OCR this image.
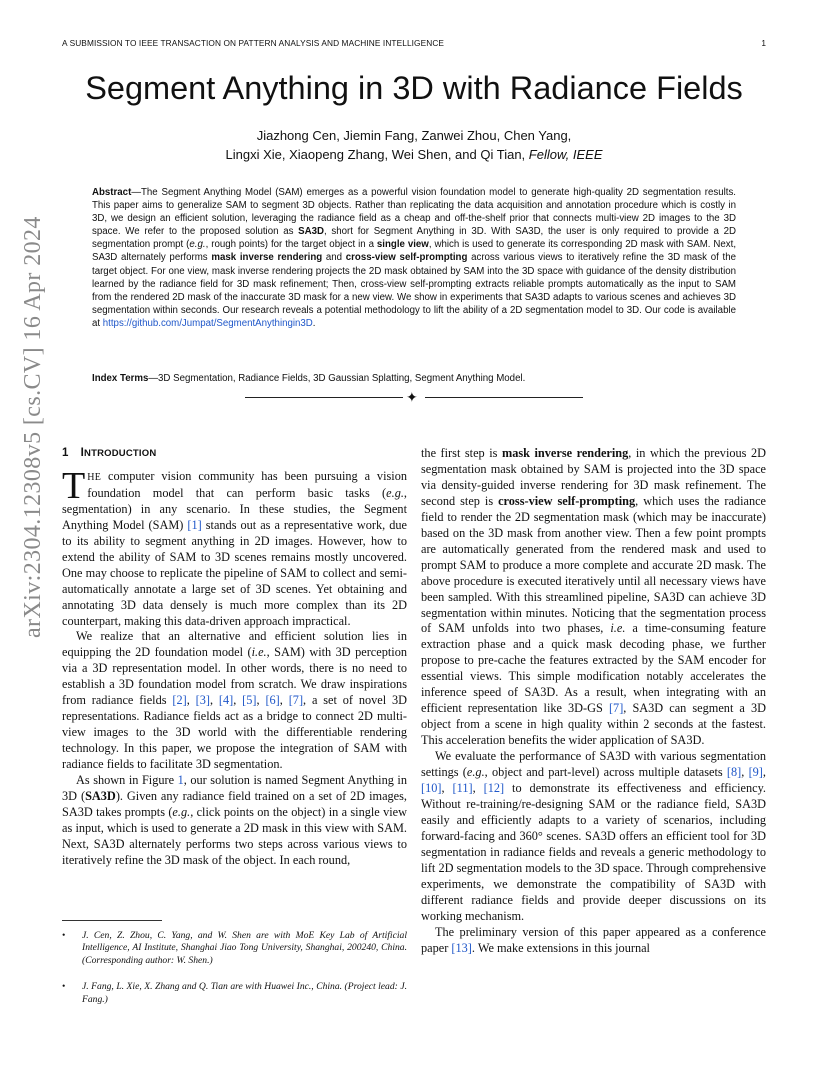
A SUBMISSION TO IEEE TRANSACTION ON PATTERN ANALYSIS AND MACHINE INTELLIGENCE	1
arXiv:2304.12308v5 [cs.CV] 16 Apr 2024
Segment Anything in 3D with Radiance Fields
Jiazhong Cen, Jiemin Fang, Zanwei Zhou, Chen Yang,
Lingxi Xie, Xiaopeng Zhang, Wei Shen, and Qi Tian, Fellow, IEEE
Abstract—The Segment Anything Model (SAM) emerges as a powerful vision foundation model to generate high-quality 2D segmentation results. This paper aims to generalize SAM to segment 3D objects. Rather than replicating the data acquisition and annotation procedure which is costly in 3D, we design an efficient solution, leveraging the radiance field as a cheap and off-the-shelf prior that connects multi-view 2D images to the 3D space. We refer to the proposed solution as SA3D, short for Segment Anything in 3D. With SA3D, the user is only required to provide a 2D segmentation prompt (e.g., rough points) for the target object in a single view, which is used to generate its corresponding 2D mask with SAM. Next, SA3D alternately performs mask inverse rendering and cross-view self-prompting across various views to iteratively refine the 3D mask of the target object. For one view, mask inverse rendering projects the 2D mask obtained by SAM into the 3D space with guidance of the density distribution learned by the radiance field for 3D mask refinement; Then, cross-view self-prompting extracts reliable prompts automatically as the input to SAM from the rendered 2D mask of the inaccurate 3D mask for a new view. We show in experiments that SA3D adapts to various scenes and achieves 3D segmentation within seconds. Our research reveals a potential methodology to lift the ability of a 2D segmentation model to 3D. Our code is available at https://github.com/Jumpat/SegmentAnythingin3D.
Index Terms—3D Segmentation, Radiance Fields, 3D Gaussian Splatting, Segment Anything Model.
✦
1 INTRODUCTION

THE computer vision community has been pursuing a vision foundation model that can perform basic tasks (e.g., segmentation) in any scenario. In these studies, the Segment Anything Model (SAM) [1] stands out as a representative work, due to its ability to segment anything in 2D images. However, how to extend the ability of SAM to 3D scenes remains mostly uncovered. One may choose to replicate the pipeline of SAM to collect and semi-automatically annotate a large set of 3D scenes. Yet obtaining and annotating 3D data densely is much more complex than its 2D counterpart, making this data-driven approach impractical.

We realize that an alternative and efficient solution lies in equipping the 2D foundation model (i.e., SAM) with 3D perception via a 3D representation model. In other words, there is no need to establish a 3D foundation model from scratch. We draw inspirations from radiance fields [2], [3], [4], [5], [6], [7], a set of novel 3D representations. Radiance fields act as a bridge to connect 2D multi-view images to the 3D world with the differentiable rendering technology. In this paper, we propose the integration of SAM with radiance fields to facilitate 3D segmentation.

As shown in Figure 1, our solution is named Segment Anything in 3D (SA3D). Given any radiance field trained on a set of 2D images, SA3D takes prompts (e.g., click points on the object) in a single view as input, which is used to generate a 2D mask in this view with SAM. Next, SA3D alternately performs two steps across various views to iteratively refine the 3D mask of the object. In each round,

• J. Cen, Z. Zhou, C. Yang, and W. Shen are with MoE Key Lab of Artificial Intelligence, AI Institute, Shanghai Jiao Tong University, Shanghai, 200240, China. (Corresponding author: W. Shen.)
• J. Fang, L. Xie, X. Zhang and Q. Tian are with Huawei Inc., China. (Project lead: J. Fang.)

the first step is mask inverse rendering, in which the previous 2D segmentation mask obtained by SAM is projected into the 3D space via density-guided inverse rendering for 3D mask refinement. The second step is cross-view self-prompting, which uses the radiance field to render the 2D segmentation mask (which may be inaccurate) based on the 3D mask from another view. Then a few point prompts are automatically generated from the rendered mask and used to prompt SAM to produce a more complete and accurate 2D mask. The above procedure is executed iteratively until all necessary views have been sampled. With this streamlined pipeline, SA3D can achieve 3D segmentation within minutes. Noticing that the segmentation process of SAM unfolds into two phases, i.e. a time-consuming feature extraction phase and a quick mask decoding phase, we further propose to pre-cache the features extracted by the SAM encoder for essential views. This simple modification notably accelerates the inference speed of SA3D. As a result, when integrating with an efficient representation like 3D-GS [7], SA3D can segment a 3D object from a scene in high quality within 2 seconds at the fastest. This acceleration benefits the wider application of SA3D.

We evaluate the performance of SA3D with various segmentation settings (e.g., object and part-level) across multiple datasets [8], [9], [10], [11], [12] to demonstrate its effectiveness and efficiency. Without re-training/re-designing SAM or the radiance field, SA3D easily and efficiently adapts to a variety of scenarios, including forward-facing and 360° scenes. SA3D offers an efficient tool for 3D segmentation in radiance fields and reveals a generic methodology to lift 2D segmentation models to the 3D space. Through comprehensive experiments, we demonstrate the compatibility of SA3D with different radiance fields and provide deeper discussions on its working mechanism.

The preliminary version of this paper appeared as a conference paper [13]. We make extensions in this journal
